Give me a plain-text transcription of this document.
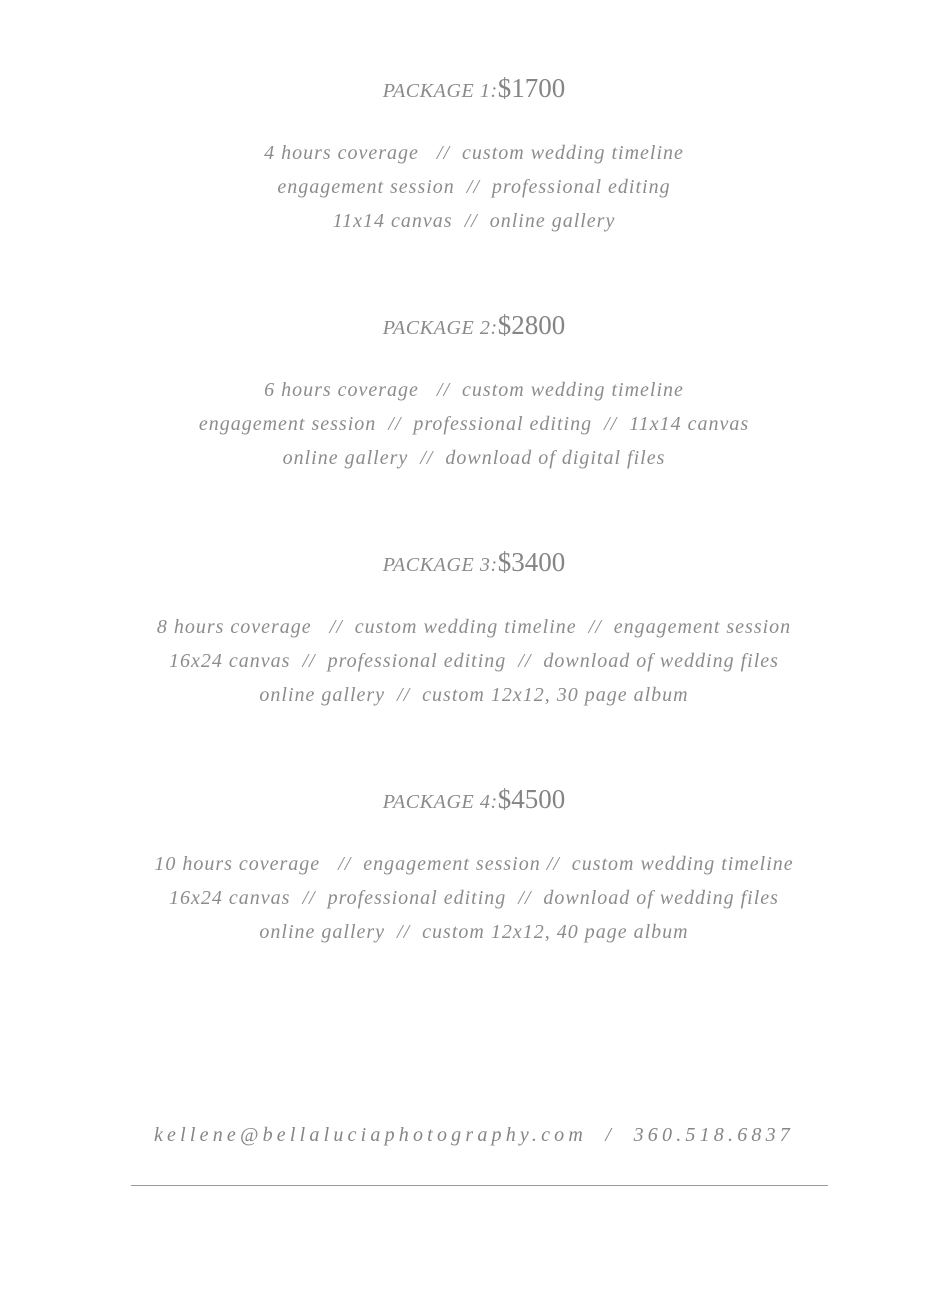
PACKAGE 1:$1700
4 hours coverage   //  custom wedding timeline
engagement session  //  professional editing
11x14 canvas  //  online gallery
PACKAGE 2:$2800
6 hours coverage   //  custom wedding timeline
engagement session  //  professional editing  //  11x14 canvas
online gallery  //  download of digital files
PACKAGE 3:$3400
8 hours coverage   //  custom wedding timeline  //  engagement session
16x24 canvas  //  professional editing  //  download of wedding files
online gallery  //  custom 12x12, 30 page album
PACKAGE 4:$4500
10 hours coverage   //  engagement session //  custom wedding timeline
16x24 canvas  //  professional editing  //  download of wedding files
online gallery  //  custom 12x12, 40 page album
kellene@bellaluciaphotography.com  /  360.518.6837
